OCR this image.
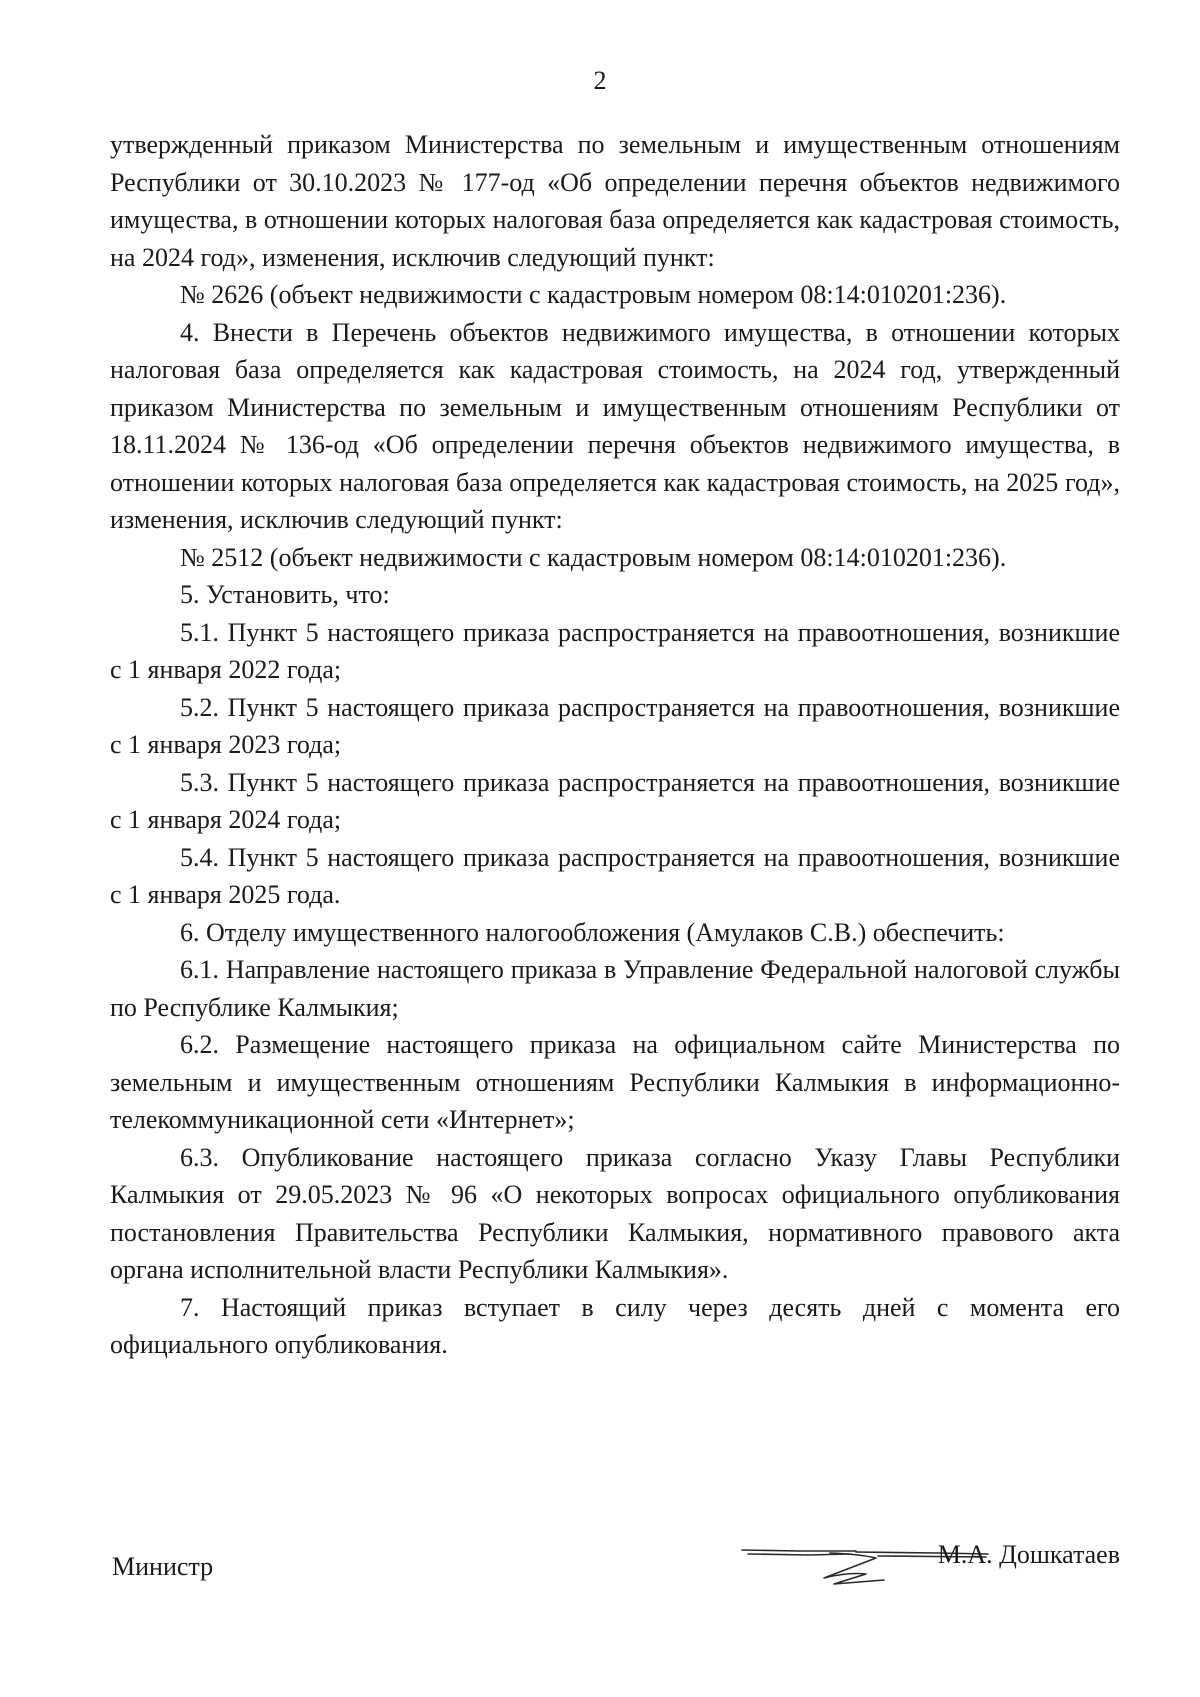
2

утвержденный приказом Министерства по земельным и имущественным отношениям Республики от 30.10.2023 № 177-од «Об определении перечня объектов недвижимого имущества, в отношении которых налоговая база определяется как кадастровая стоимость, на 2024 год», изменения, исключив следующий пункт:

№ 2626 (объект недвижимости с кадастровым номером 08:14:010201:236).

4. Внести в Перечень объектов недвижимого имущества, в отношении которых налоговая база определяется как кадастровая стоимость, на 2024 год, утвержденный приказом Министерства по земельным и имущественным отношениям Республики от 18.11.2024 № 136-од «Об определении перечня объектов недвижимого имущества, в отношении которых налоговая база определяется как кадастровая стоимость, на 2025 год», изменения, исключив следующий пункт:

№ 2512 (объект недвижимости с кадастровым номером 08:14:010201:236).

5. Установить, что:

5.1. Пункт 5 настоящего приказа распространяется на правоотношения, возникшие с 1 января 2022 года;

5.2. Пункт 5 настоящего приказа распространяется на правоотношения, возникшие с 1 января 2023 года;

5.3. Пункт 5 настоящего приказа распространяется на правоотношения, возникшие с 1 января 2024 года;

5.4. Пункт 5 настоящего приказа распространяется на правоотношения, возникшие с 1 января 2025 года.

6. Отделу имущественного налогообложения (Амулаков С.В.) обеспечить:

6.1. Направление настоящего приказа в Управление Федеральной налоговой службы по Республике Калмыкия;

6.2. Размещение настоящего приказа на официальном сайте Министерства по земельным и имущественным отношениям Республики Калмыкия в информационно-телекоммуникационной сети «Интернет»;

6.3. Опубликование настоящего приказа согласно Указу Главы Республики Калмыкия от 29.05.2023 № 96 «О некоторых вопросах официального опубликования постановления Правительства Республики Калмыкия, нормативного правового акта органа исполнительной власти Республики Калмыкия».

7. Настоящий приказ вступает в силу через десять дней с момента его официального опубликования.

Министр	М.А. Дошкатаев
